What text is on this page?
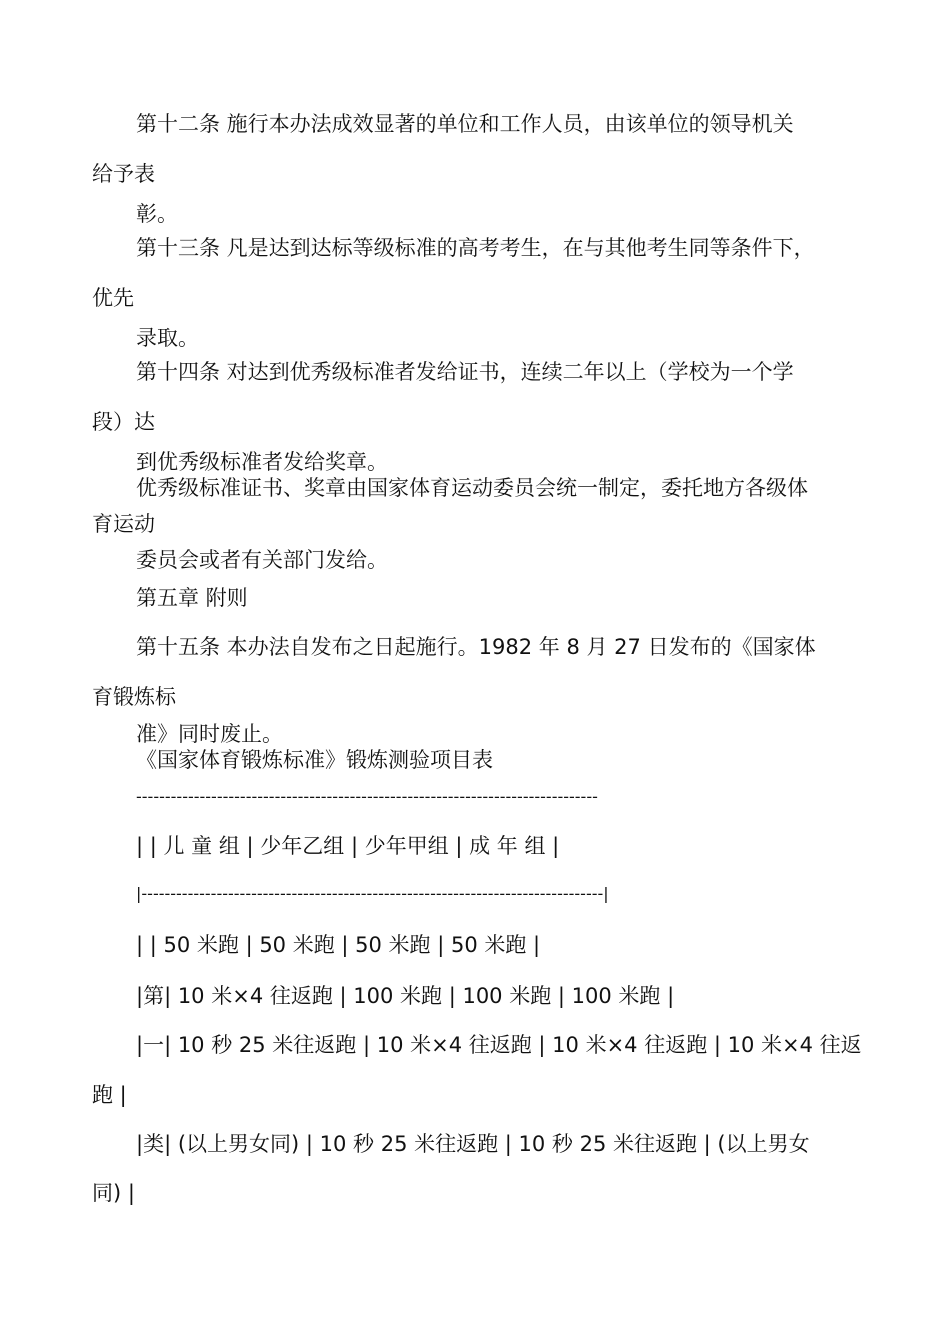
第十二条 施行本办法成效显著的单位和工作人员，由该单位的领导机关
给予表
彰。
第十三条 凡是达到达标等级标准的高考考生，在与其他考生同等条件下，
优先
录取。
第十四条 对达到优秀级标准者发给证书，连续二年以上（学校为一个学
段）达
到优秀级标准者发给奖章。
优秀级标准证书、奖章由国家体育运动委员会统一制定，委托地方各级体
育运动
委员会或者有关部门发给。
第五章 附则
第十五条 本办法自发布之日起施行。1982 年 8 月 27 日发布的《国家体
育锻炼标
准》同时废止。
《国家体育锻炼标准》锻炼测验项目表
--------------------------------------------------------------------------------
| | 儿 童 组 | 少年乙组 | 少年甲组 | 成 年 组 |
|--------------------------------------------------------------------------------|
| | 50 米跑 | 50 米跑 | 50 米跑 | 50 米跑 |
|第| 10 米×4 往返跑 | 100 米跑 | 100 米跑 | 100 米跑 |
|一| 10 秒 25 米往返跑 | 10 米×4 往返跑 | 10 米×4 往返跑 | 10 米×4 往返
跑 |
|类| (以上男女同) | 10 秒 25 米往返跑 | 10 秒 25 米往返跑 | (以上男女
同) |
